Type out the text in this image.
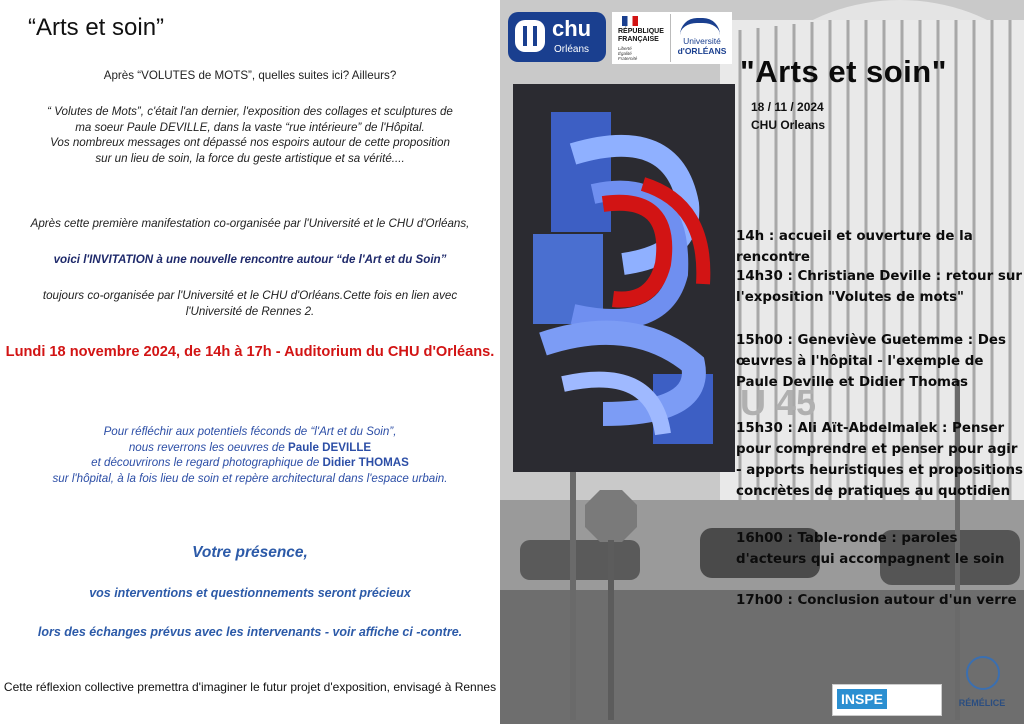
“Arts et soin”
Après “VOLUTES de MOTS”, quelles suites ici? Ailleurs?
“ Volutes de Mots”, c'était l'an dernier, l'exposition des collages et sculptures de
ma soeur Paule DEVILLE, dans la vaste “rue intérieure” de l'Hôpital.
Vos nombreux messages ont dépassé nos espoirs autour de cette proposition
sur un lieu de soin, la force du geste artistique et sa vérité....
Après cette première manifestation co-organisée par l'Université et le CHU d'Orléans,
voici l'INVITATION à une nouvelle rencontre autour “de l'Art et du Soin”
toujours co-organisée par l'Université et le CHU d'Orléans.Cette fois en lien avec
l'Université de Rennes 2.
Lundi 18 novembre 2024, de 14h à 17h - Auditorium du CHU d'Orléans.
Pour réfléchir aux potentiels féconds de “l'Art et du Soin”,
nous reverrons les oeuvres de Paule DEVILLE
et découvrirons le regard photographique de Didier THOMAS
sur l'hôpital, à la fois lieu de soin et repère architectural dans l'espace urbain.
Votre présence,
vos interventions et questionnements seront précieux
lors des échanges prévus avec les intervenants - voir affiche ci -contre.
Cette réflexion collective premettra d'imaginer le futur projet d'exposition, envisagé à Rennes
U 45
chu
Orléans
RÉPUBLIQUE
FRANÇAISE
Liberté
Égalité
Fraternité
Université
d'ORLÉANS
"Arts et soin"
18 / 11 / 2024
CHU Orleans
14h : accueil et ouverture de la rencontre
14h30 : Christiane Deville : retour sur l'exposition "Volutes de mots"
15h00 : Geneviève Guetemme : Des œuvres à l'hôpital - l'exemple de Paule Deville et Didier Thomas
15h30 : Ali Aït-Abdelmalek : Penser pour comprendre et penser pour agir - apports heuristiques et propositions concrètes de pratiques au quotidien
16h00 : Table-ronde : paroles d'acteurs qui accompagnent le soin
17h00 : Conclusion autour d'un verre
INSPE	RÉMÉLICE
